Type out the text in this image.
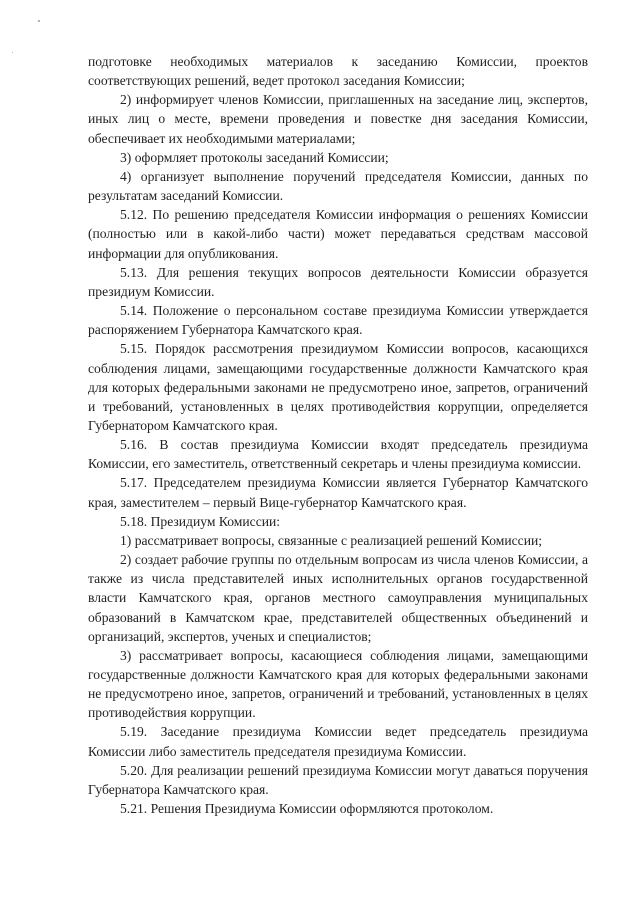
подготовке необходимых материалов к заседанию Комиссии, проектов соответствующих решений, ведет протокол заседания Комиссии;

2) информирует членов Комиссии, приглашенных на заседание лиц, экспертов, иных лиц о месте, времени проведения и повестке дня заседания Комиссии, обеспечивает их необходимыми материалами;

3) оформляет протоколы заседаний Комиссии;

4) организует выполнение поручений председателя Комиссии, данных по результатам заседаний Комиссии.

5.12. По решению председателя Комиссии информация о решениях Комиссии (полностью или в какой-либо части) может передаваться средствам массовой информации для опубликования.

5.13. Для решения текущих вопросов деятельности Комиссии образуется президиум Комиссии.

5.14. Положение о персональном составе президиума Комиссии утверждается распоряжением Губернатора Камчатского края.

5.15. Порядок рассмотрения президиумом Комиссии вопросов, касающихся соблюдения лицами, замещающими государственные должности Камчатского края для которых федеральными законами не предусмотрено иное, запретов, ограничений и требований, установленных в целях противодействия коррупции, определяется Губернатором Камчатского края.

5.16. В состав президиума Комиссии входят председатель президиума Комиссии, его заместитель, ответственный секретарь и члены президиума комиссии.

5.17. Председателем президиума Комиссии является Губернатор Камчатского края, заместителем – первый Вице-губернатор Камчатского края.

5.18. Президиум Комиссии:

1) рассматривает вопросы, связанные с реализацией решений Комиссии;

2) создает рабочие группы по отдельным вопросам из числа членов Комиссии, а также из числа представителей иных исполнительных органов государственной власти Камчатского края, органов местного самоуправления муниципальных образований в Камчатском крае, представителей общественных объединений и организаций, экспертов, ученых и специалистов;

3) рассматривает вопросы, касающиеся соблюдения лицами, замещающими государственные должности Камчатского края для которых федеральными законами не предусмотрено иное, запретов, ограничений и требований, установленных в целях противодействия коррупции.

5.19. Заседание президиума Комиссии ведет председатель президиума Комиссии либо заместитель председателя президиума Комиссии.

5.20. Для реализации решений президиума Комиссии могут даваться поручения Губернатора Камчатского края.

5.21. Решения Президиума Комиссии оформляются протоколом.
